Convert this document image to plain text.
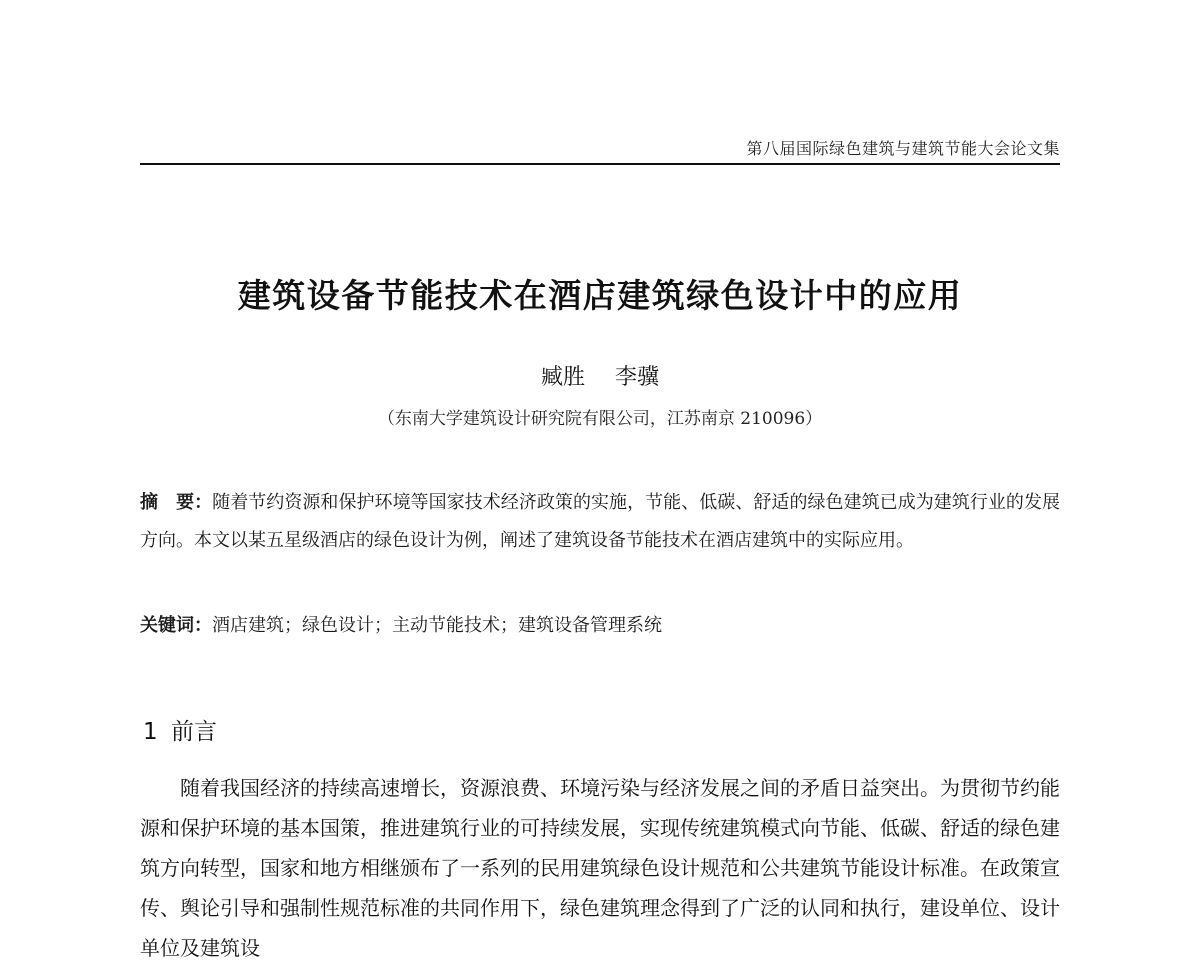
第八届国际绿色建筑与建筑节能大会论文集
建筑设备节能技术在酒店建筑绿色设计中的应用
臧胜 李骥
（东南大学建筑设计研究院有限公司，江苏南京 210096）
摘　要：随着节约资源和保护环境等国家技术经济政策的实施，节能、低碳、舒适的绿色建筑已成为建筑行业的发展方向。本文以某五星级酒店的绿色设计为例，阐述了建筑设备节能技术在酒店建筑中的实际应用。
关键词：酒店建筑；绿色设计；主动节能技术；建筑设备管理系统
1 前言
随着我国经济的持续高速增长，资源浪费、环境污染与经济发展之间的矛盾日益突出。为贯彻节约能源和保护环境的基本国策，推进建筑行业的可持续发展，实现传统建筑模式向节能、低碳、舒适的绿色建筑方向转型，国家和地方相继颁布了一系列的民用建筑绿色设计规范和公共建筑节能设计标准。在政策宣传、舆论引导和强制性规范标准的共同作用下，绿色建筑理念得到了广泛的认同和执行，建设单位、设计单位及建筑设
